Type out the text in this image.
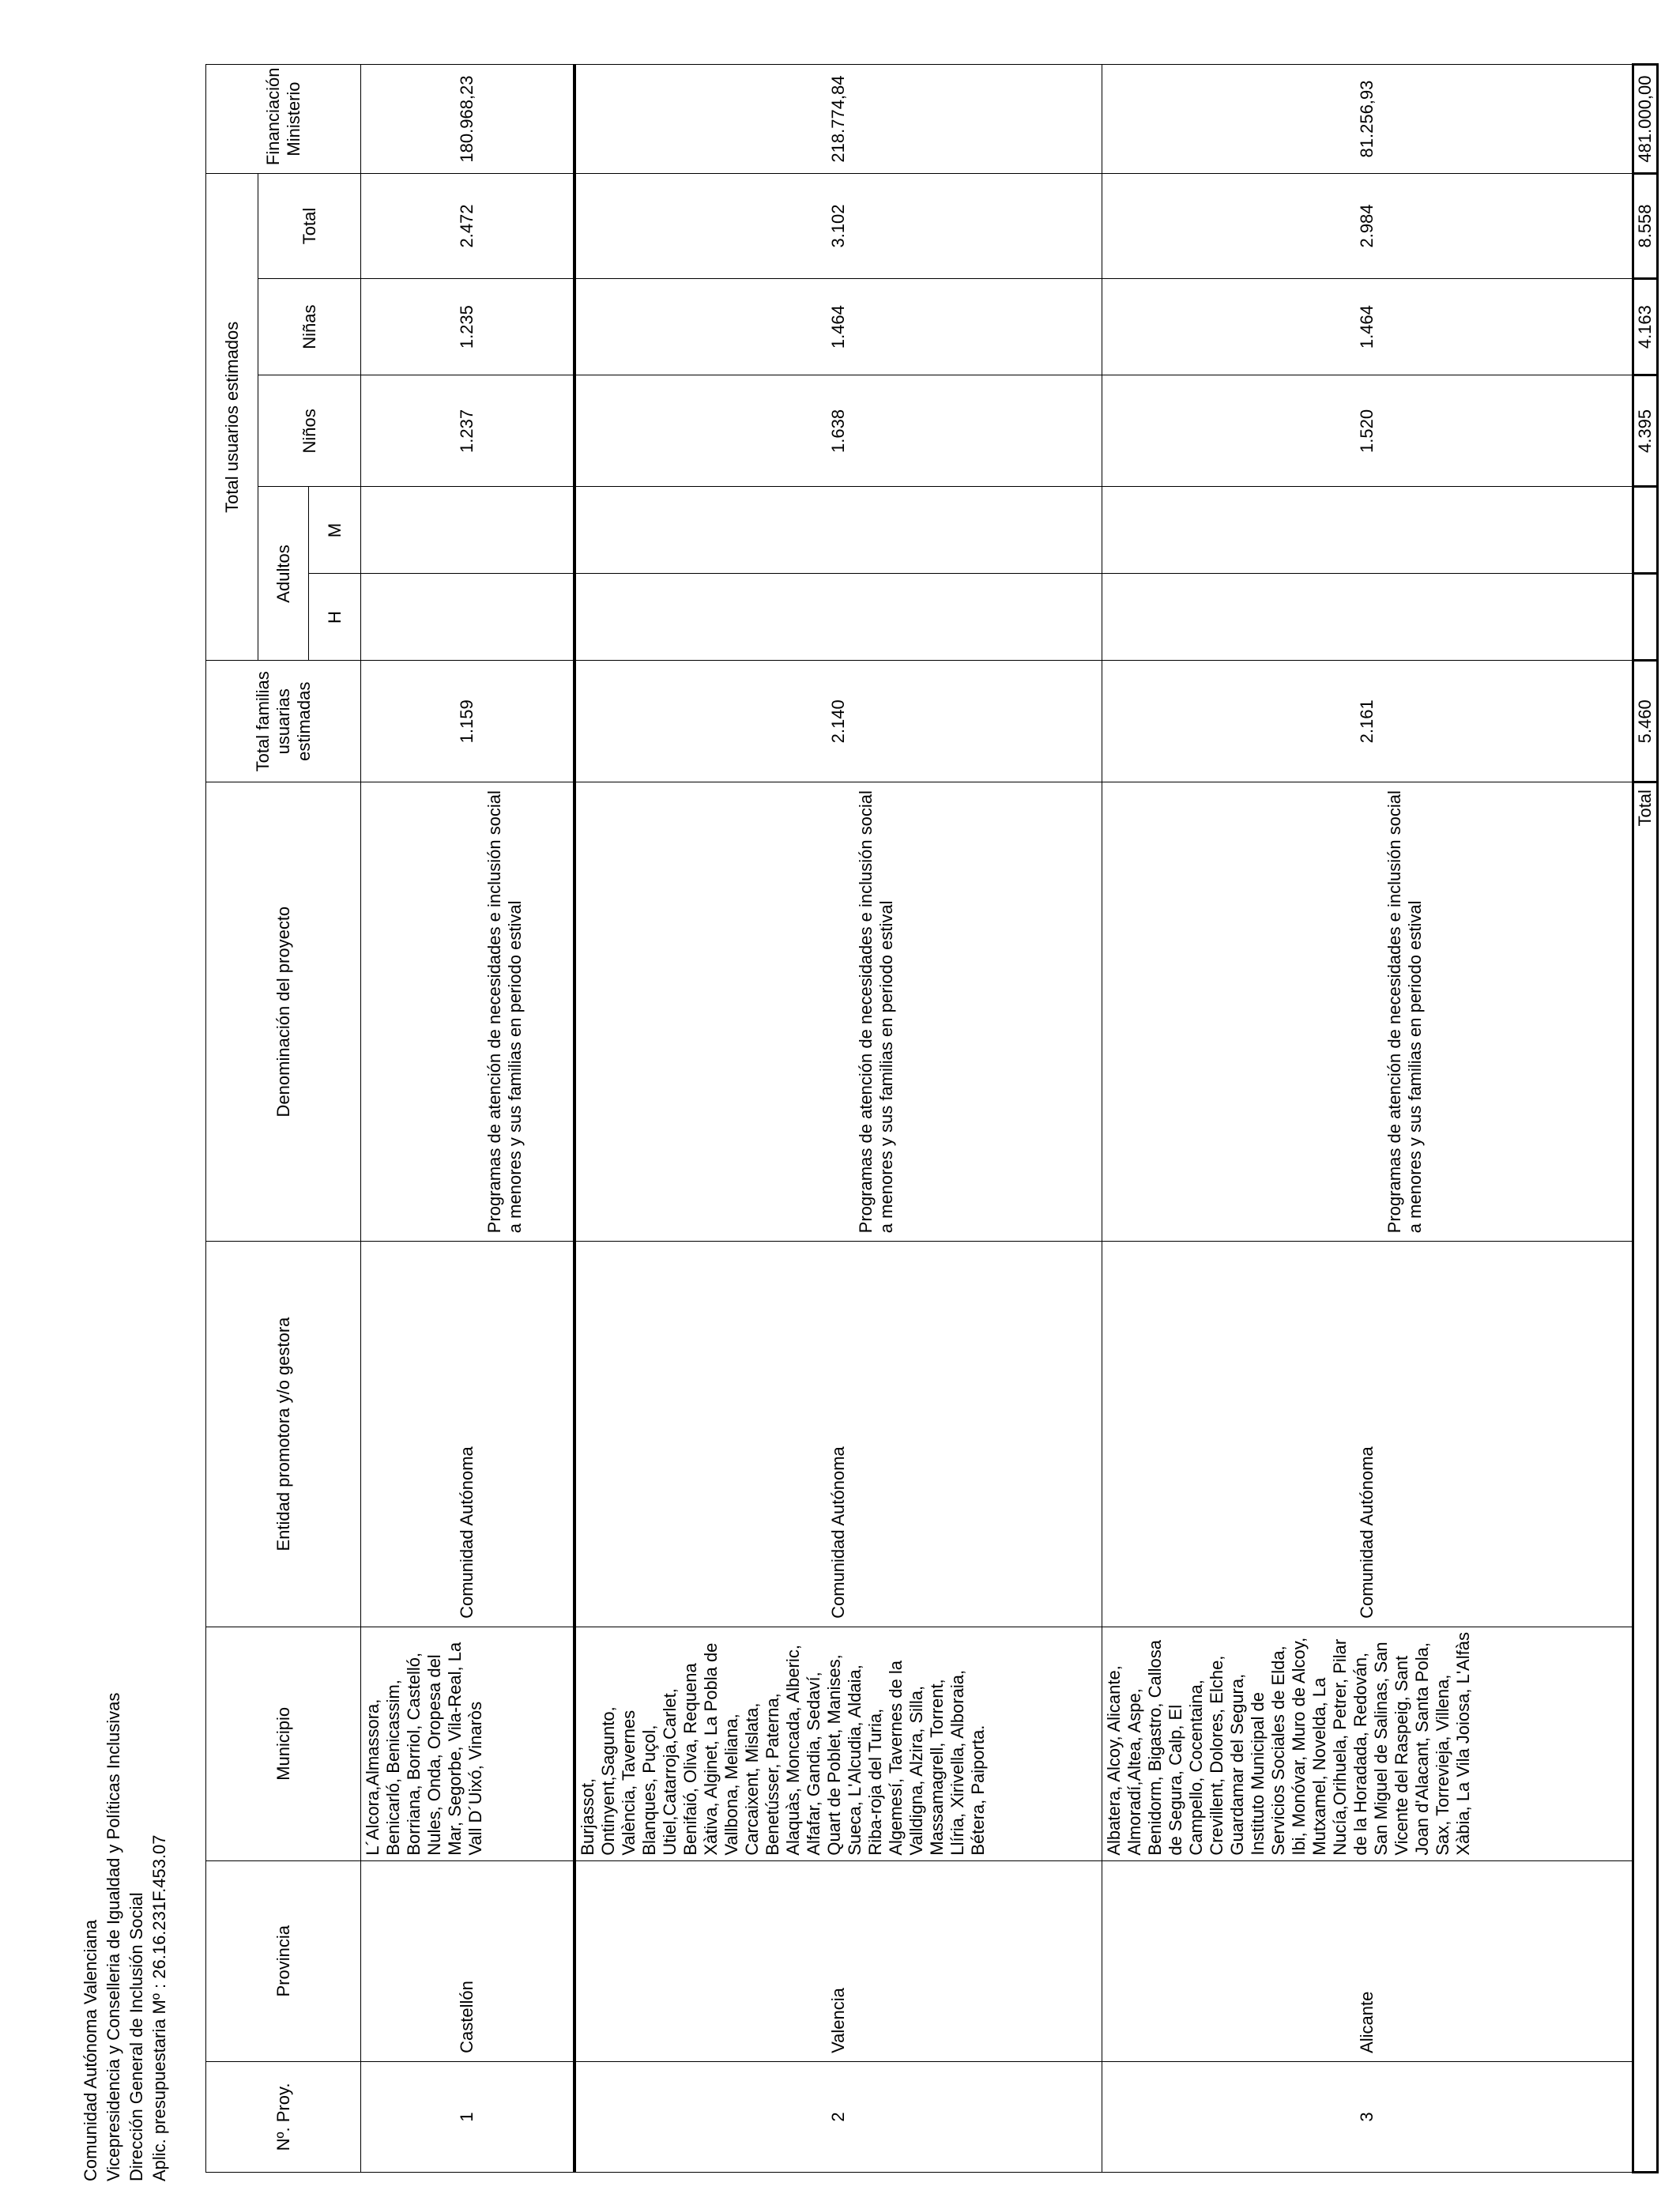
Comunidad Autónoma Valenciana Vicepresidencia y Conselleria de Igualdad y Políticas Inclusivas Dirección General de Inclusión Social Aplic. presupuestaria Mº : 26.16.231F.453.07	Nº. Proy.	Provincia	Municipio	Entidad promotora y/o gestora	Denominación del proyecto	Total familias usuarias estimadas	Total usuarios estimados					Financiación Ministerio
						Adultos		Niños	Niñas	Total	
						H	M				
1	Castellón	L´Alcora,Almassora, Benicarló, Benicassim, Borriana, Borriol, Castelló, Nules, Onda, Oropesa del Mar, Segorbe, Vila-Real, La Vall D´Uixó, Vinaròs	Comunidad Autónoma	Programas de atención de necesidades e inclusión social a menores y sus familias en periodo estival	1.159			1.237	1.235	2.472	180.968,23
2	Valencia	Burjassot, Ontinyent,Sagunto, València, Tavernes Blanques, Puçol, Utiel,Catarroja,Carlet, Benifaió, Oliva, Requena Xàtiva, Alginet, La Pobla de Vallbona, Meliana, Carcaixent, Mislata, Benetússer, Paterna, Alaquàs, Moncada, Alberic, Alfafar, Gandia, Sedaví, Quart de Poblet, Manises, Sueca, L'Alcudia, Aldaia, Riba-roja del Turia, Algemesí, Tavernes de la Valldigna, Alzira, Silla, Massamagrell, Torrent, Llíria, Xirivella, Alboraia, Bétera, Paiporta.	Comunidad Autónoma	Programas de atención de necesidades e inclusión social a menores y sus familias en periodo estival	2.140			1.638	1.464	3.102	218.774,84
3	Alicante	Albatera, Alcoy, Alicante, Almoradí,Altea, Aspe, Benidorm, Bigastro, Callosa de Segura, Calp, El Campello, Cocentaina, Crevillent, Dolores, Elche, Guardamar del Segura, Instituto Municipal de Servicios Sociales de Elda, Ibi, Monóvar, Muro de Alcoy, Mutxamel, Novelda, La Nucía,Orihuela, Petrer, Pilar de la Horadada, Redován, San Miguel de Salinas, San Vicente del Raspeig, Sant Joan d'Alacant, Santa Pola, Sax, Torrevieja, Villena, Xàbia, La Vila Joiosa, L'Alfàs	Comunidad Autónoma	Programas de atención de necesidades e inclusión social a menores y sus familias en periodo estival	2.161			1.520	1.464	2.984	81.256,93
Total					5.460			4.395	4.163	8.558	481.000,00
